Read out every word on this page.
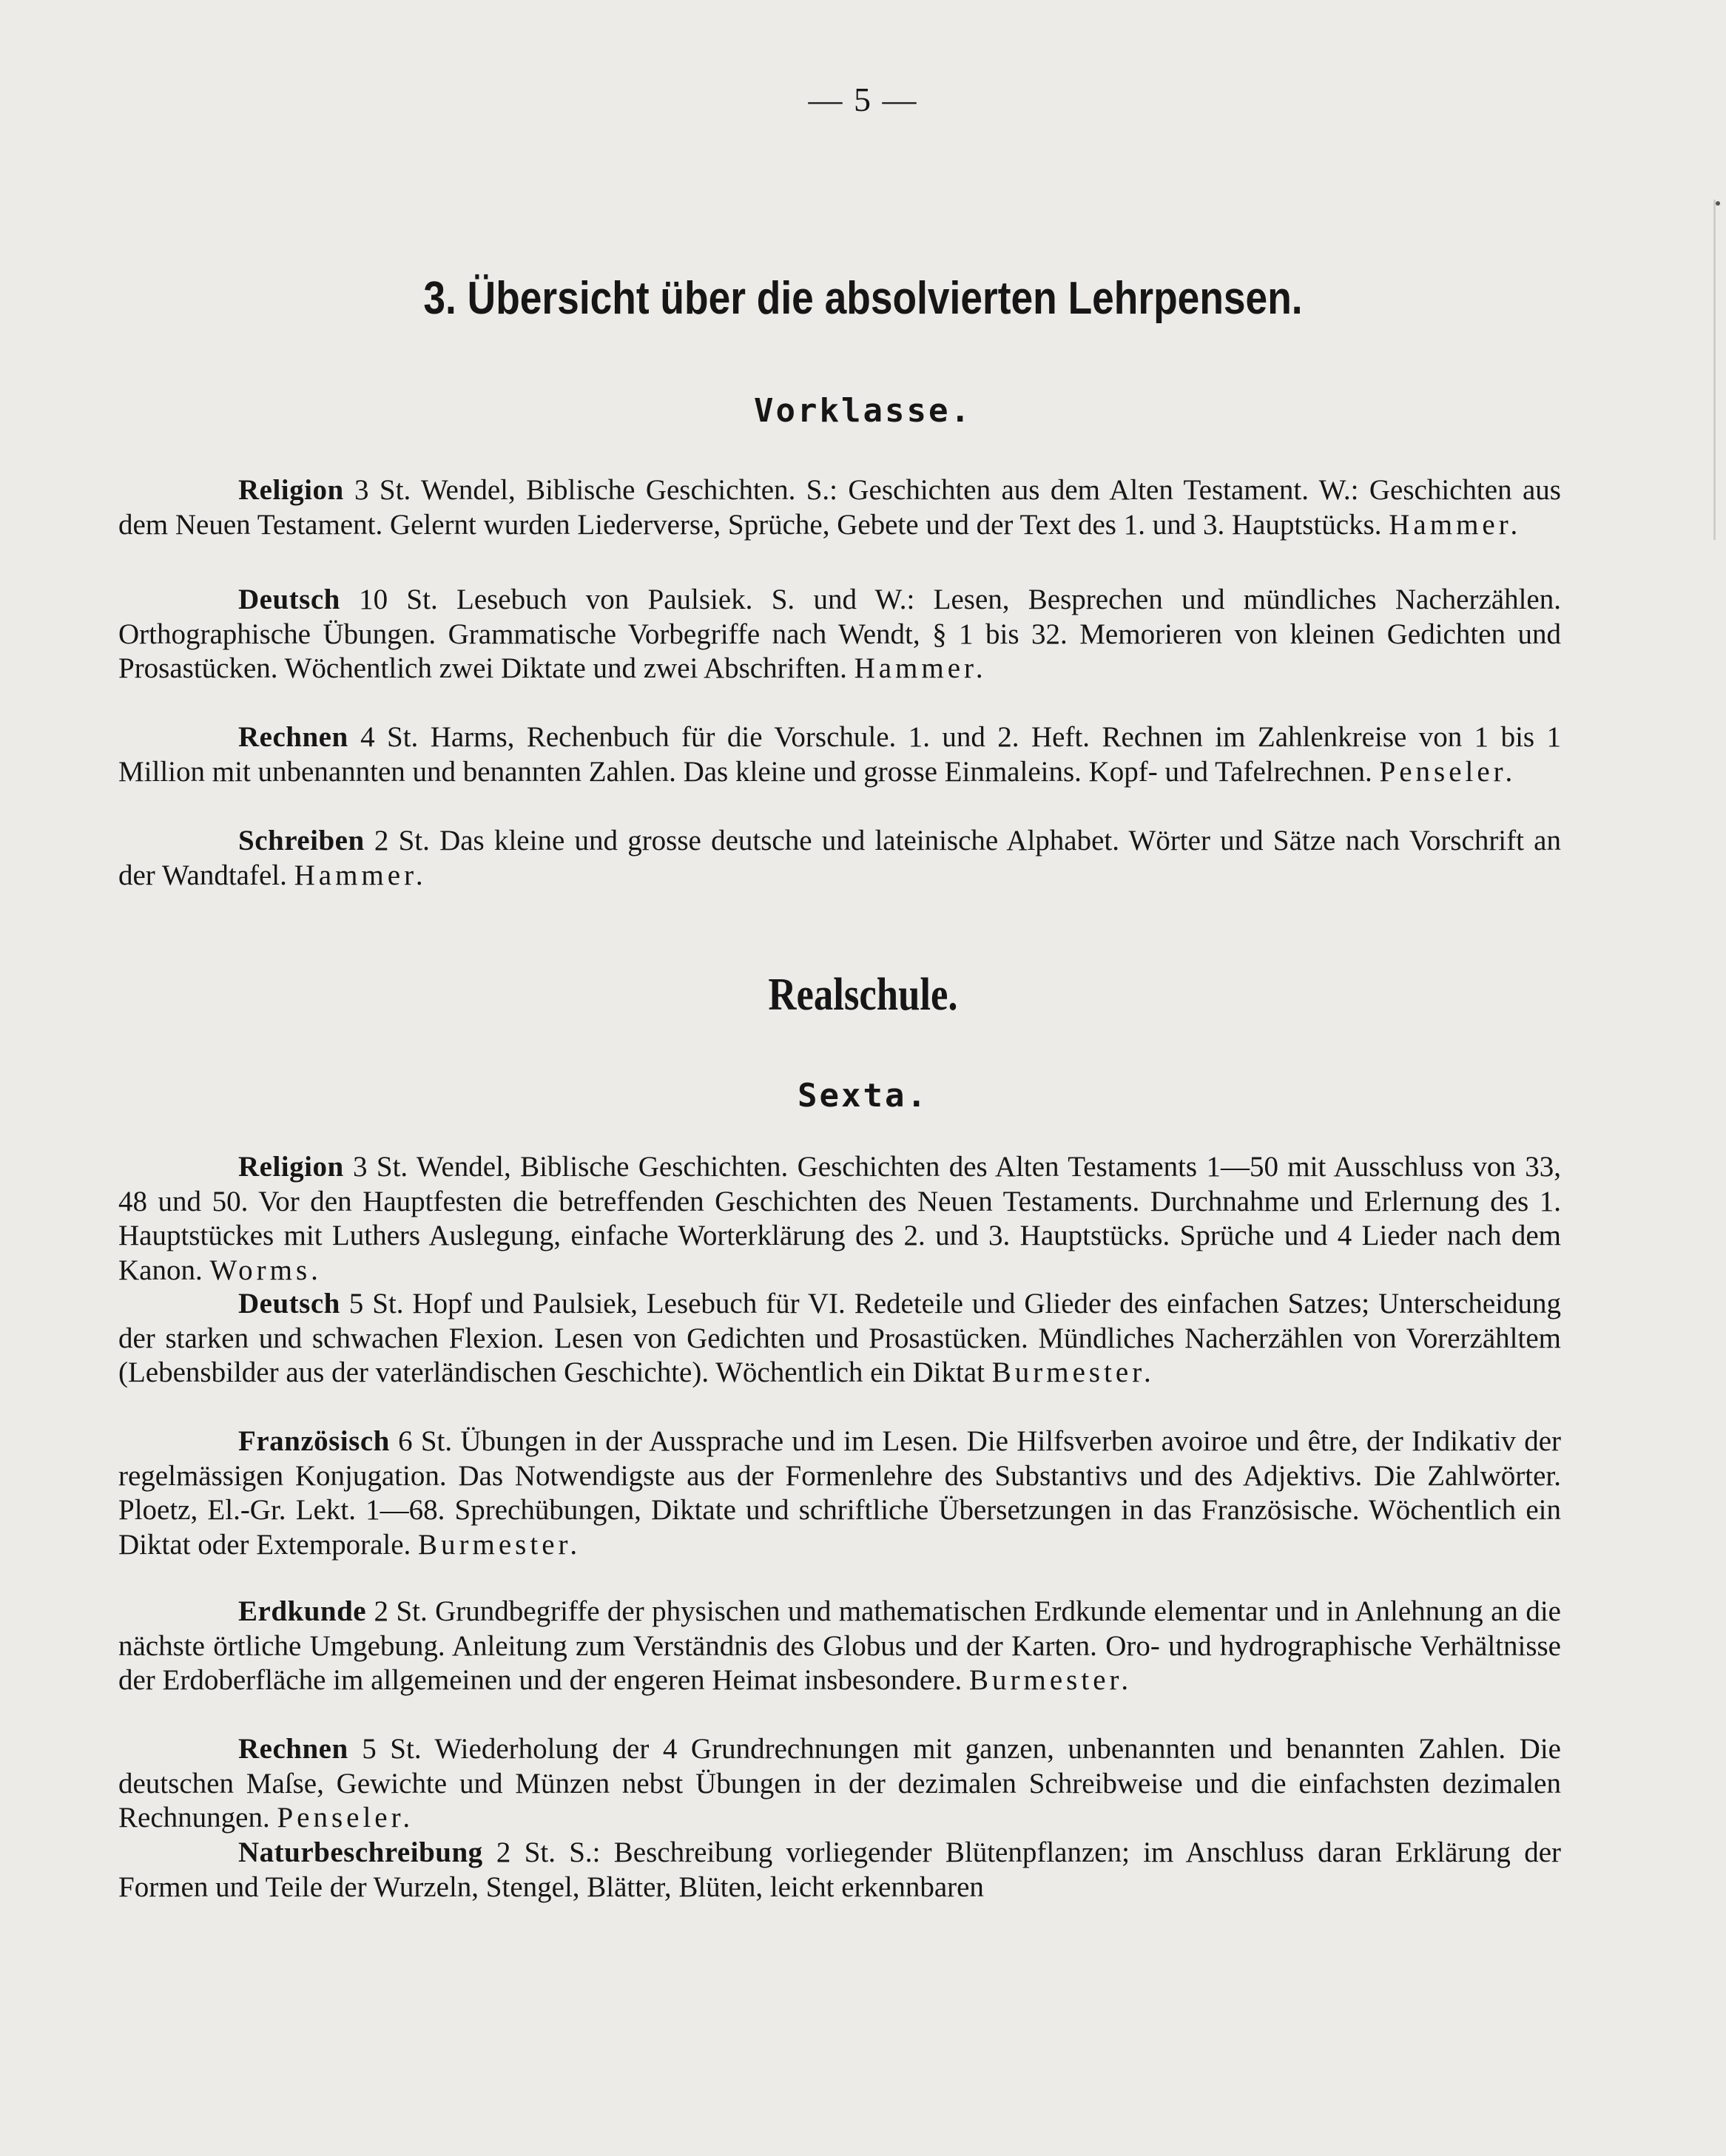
— 5 —
3. Übersicht über die absolvierten Lehrpensen.
Vorklasse.

Religion 3 St. Wendel, Biblische Geschichten. S.: Geschichten aus dem Alten Testament. W.: Geschichten aus dem Neuen Testament. Gelernt wurden Liederverse, Sprüche, Gebete und der Text des 1. und 3. Hauptstücks. Hammer.

Deutsch 10 St. Lesebuch von Paulsiek. S. und W.: Lesen, Besprechen und mündliches Nacherzählen. Orthographische Übungen. Grammatische Vorbegriffe nach Wendt, § 1 bis 32. Memorieren von kleinen Gedichten und Prosastücken. Wöchentlich zwei Diktate und zwei Abschriften. Hammer.

Rechnen 4 St. Harms, Rechenbuch für die Vorschule. 1. und 2. Heft. Rechnen im Zahlenkreise von 1 bis 1 Million mit unbenannten und benannten Zahlen. Das kleine und grosse Einmaleins. Kopf- und Tafelrechnen. Penseler.

Schreiben 2 St. Das kleine und grosse deutsche und lateinische Alphabet. Wörter und Sätze nach Vorschrift an der Wandtafel. Hammer.

Realschule.
Sexta.

Religion 3 St. Wendel, Biblische Geschichten. Geschichten des Alten Testaments 1—50 mit Ausschluss von 33, 48 und 50. Vor den Hauptfesten die betreffenden Geschichten des Neuen Testaments. Durchnahme und Erlernung des 1. Hauptstückes mit Luthers Auslegung, einfache Worterklärung des 2. und 3. Hauptstücks. Sprüche und 4 Lieder nach dem Kanon. Worms.

Deutsch 5 St. Hopf und Paulsiek, Lesebuch für VI. Redeteile und Glieder des einfachen Satzes; Unterscheidung der starken und schwachen Flexion. Lesen von Gedichten und Prosastücken. Mündliches Nacherzählen von Vorerzähltem (Lebensbilder aus der vaterländischen Geschichte). Wöchentlich ein Diktat Burmester.

Französisch 6 St. Übungen in der Aussprache und im Lesen. Die Hilfsverben avoiroe und être, der Indikativ der regelmässigen Konjugation. Das Notwendigste aus der Formenlehre des Substantivs und des Adjektivs. Die Zahlwörter. Ploetz, El.-Gr. Lekt. 1—68. Sprechübungen, Diktate und schriftliche Übersetzungen in das Französische. Wöchentlich ein Diktat oder Extemporale. Burmester.

Erdkunde 2 St. Grundbegriffe der physischen und mathematischen Erdkunde elementar und in Anlehnung an die nächste örtliche Umgebung. Anleitung zum Verständnis des Globus und der Karten. Oro- und hydrographische Verhältnisse der Erdoberfläche im allgemeinen und der engeren Heimat insbesondere. Burmester.

Rechnen 5 St. Wiederholung der 4 Grundrechnungen mit ganzen, unbenannten und benannten Zahlen. Die deutschen Maſse, Gewichte und Münzen nebst Übungen in der dezimalen Schreibweise und die einfachsten dezimalen Rechnungen. Penseler.

Naturbeschreibung 2 St. S.: Beschreibung vorliegender Blütenpflanzen; im Anschluss daran Erklärung der Formen und Teile der Wurzeln, Stengel, Blätter, Blüten, leicht erkennbaren
